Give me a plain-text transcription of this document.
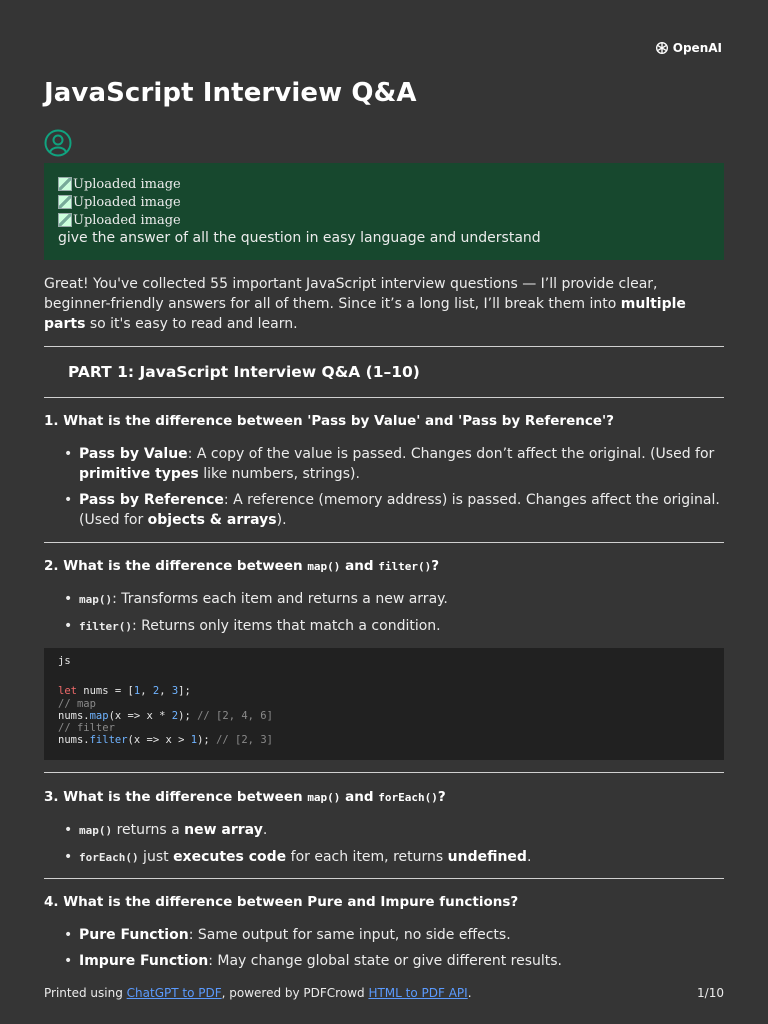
OpenAI
JavaScript Interview Q&A
Uploaded image
Uploaded image
Uploaded image
give the answer of all the question in easy language and understand
Great! You've collected 55 important JavaScript interview questions — I’ll provide clear, beginner-friendly answers for all of them. Since it’s a long list, I’ll break them into multiple parts so it's easy to read and learn.
PART 1: JavaScript Interview Q&A (1–10)
1. What is the difference between 'Pass by Value' and 'Pass by Reference'?
• Pass by Value: A copy of the value is passed. Changes don’t affect the original. (Used for primitive types like numbers, strings).
• Pass by Reference: A reference (memory address) is passed. Changes affect the original. (Used for objects & arrays).
2. What is the difference between map() and filter()?
• map(): Transforms each item and returns a new array.
• filter(): Returns only items that match a condition.
js
let nums = [1, 2, 3];
// map
nums.map(x => x * 2); // [2, 4, 6]
// filter
nums.filter(x => x > 1); // [2, 3]
3. What is the difference between map() and forEach()?
• map() returns a new array.
• forEach() just executes code for each item, returns undefined.
4. What is the difference between Pure and Impure functions?
• Pure Function: Same output for same input, no side effects.
• Impure Function: May change global state or give different results.
Printed using ChatGPT to PDF, powered by PDFCrowd HTML to PDF API.	1/10
